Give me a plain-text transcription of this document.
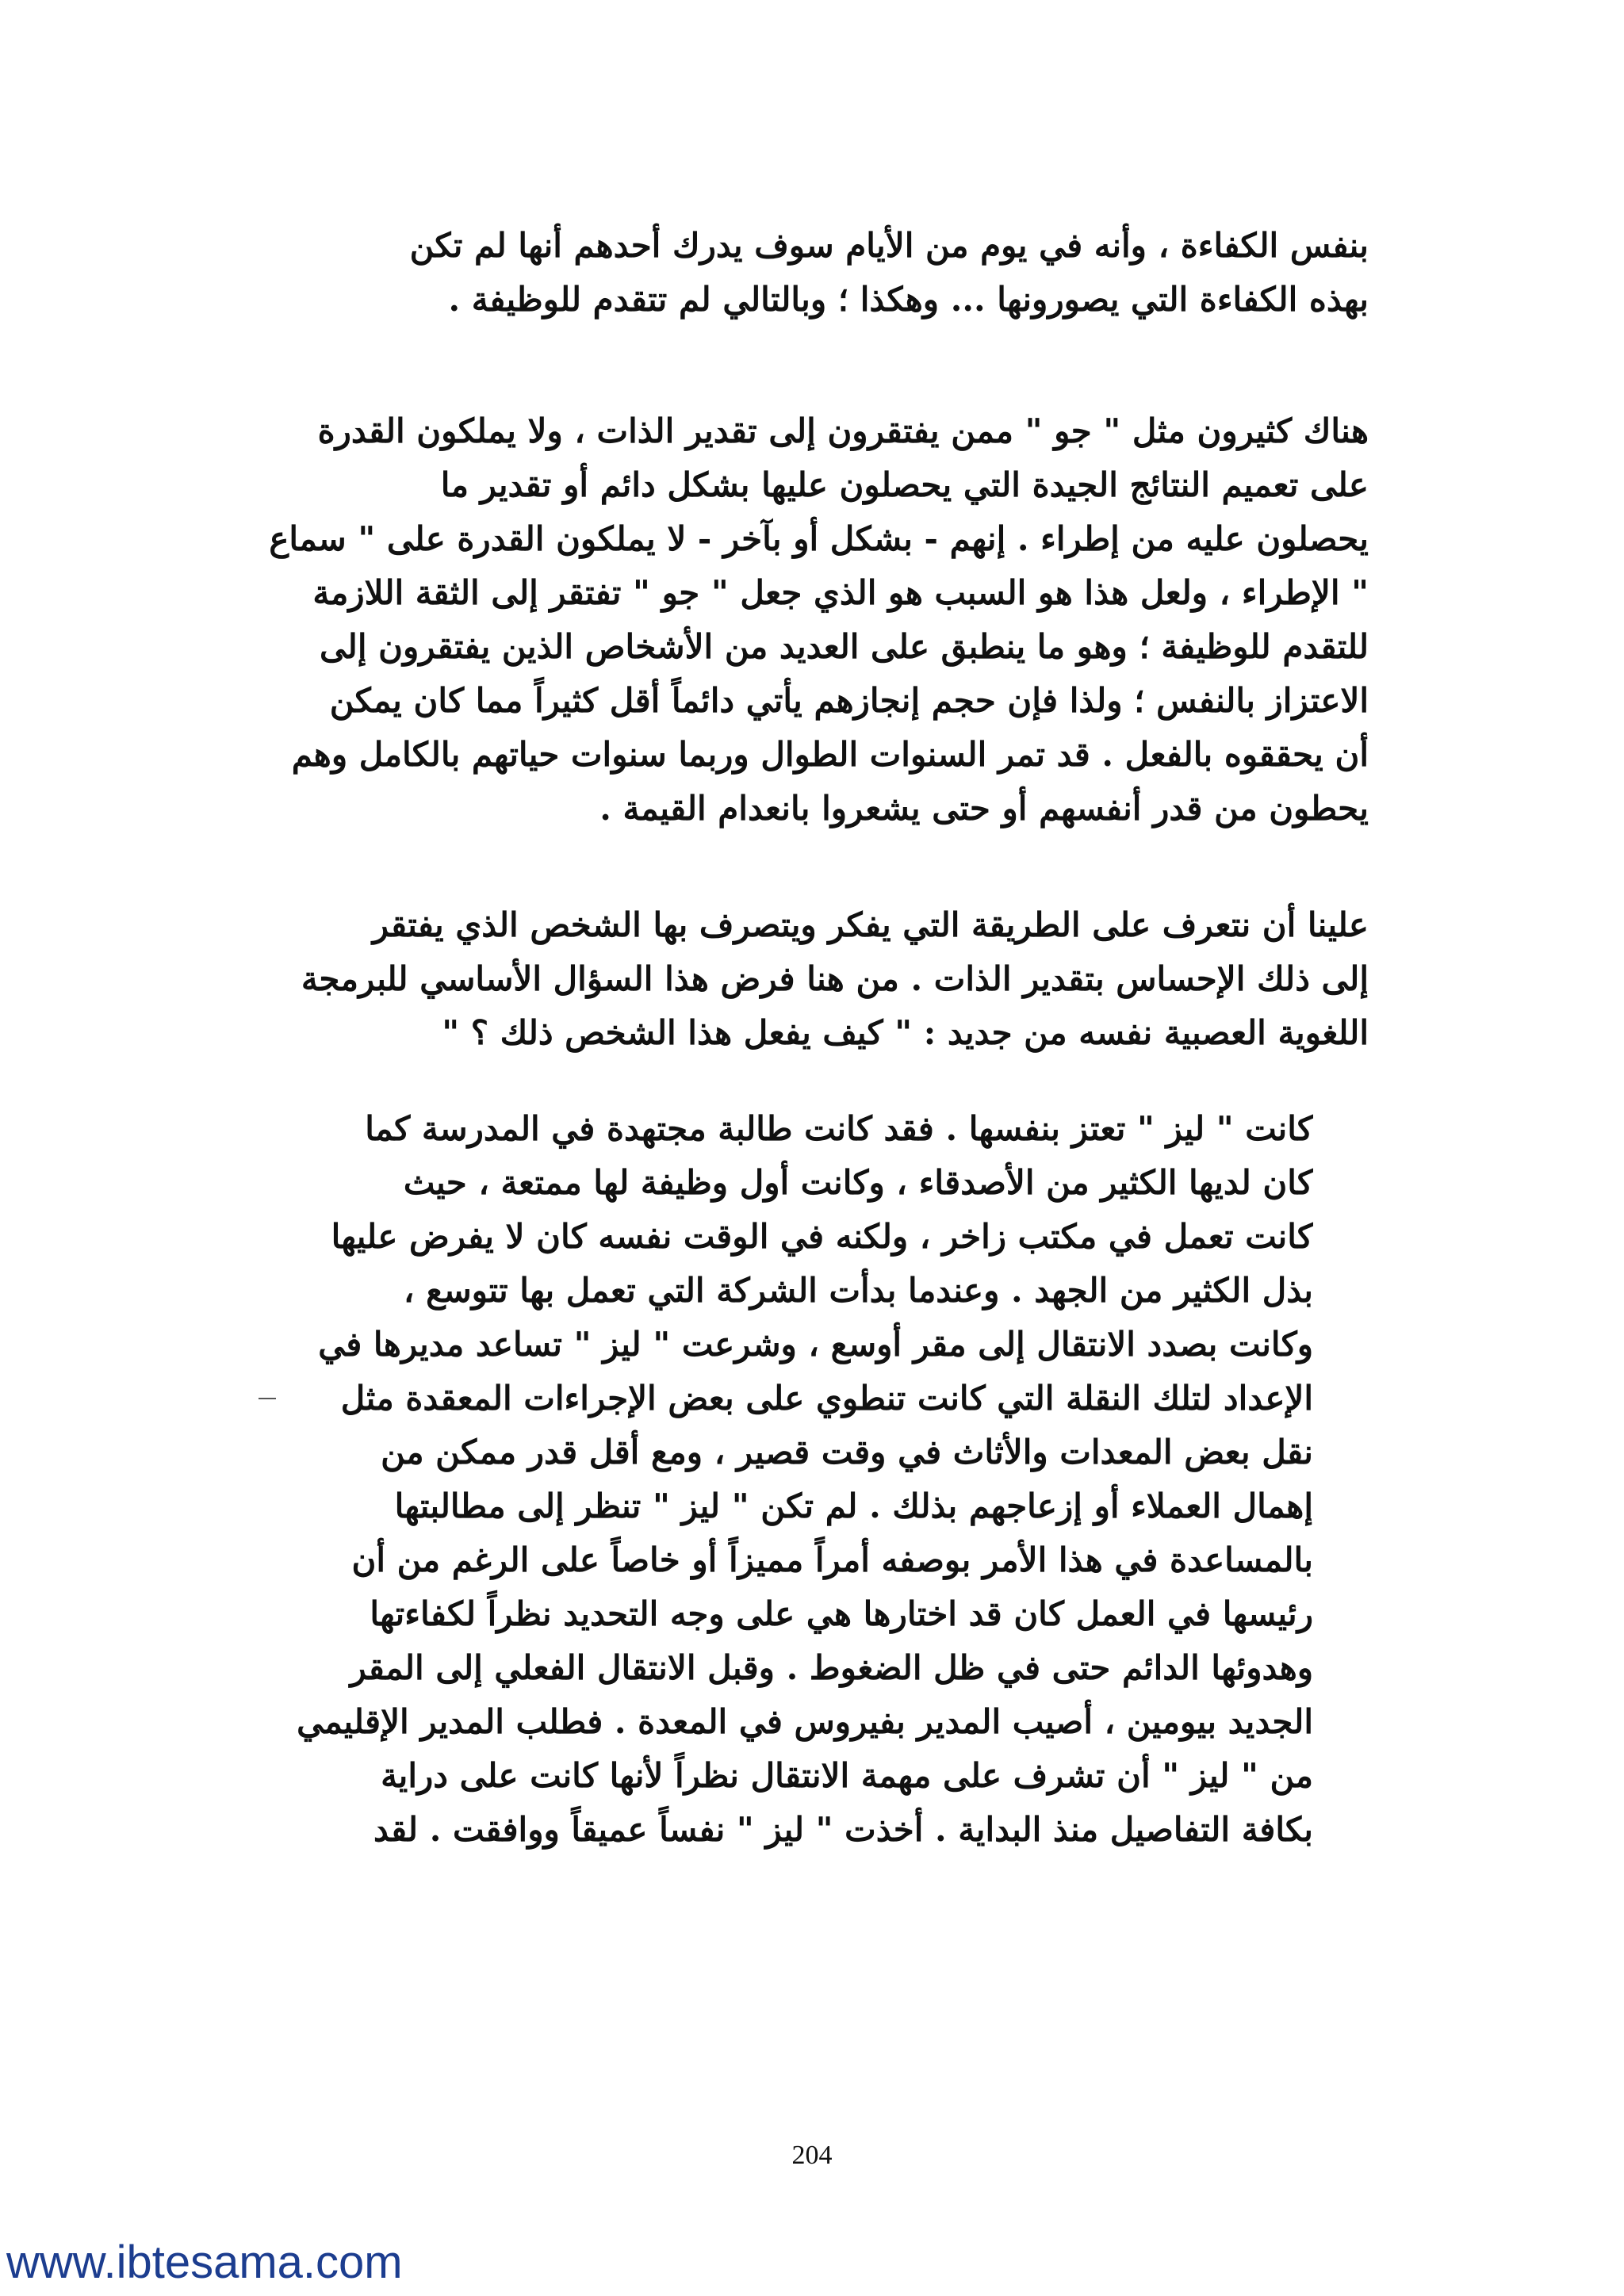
بنفس الكفاءة ، وأنه في يوم من الأيام سوف يدرك أحدهم أنها لم تكن
بهذه الكفاءة التي يصورونها ... وهكذا ؛ وبالتالي لم تتقدم للوظيفة .
هناك كثيرون مثل " جو " ممن يفتقرون إلى تقدير الذات ، ولا يملكون القدرة
على تعميم النتائج الجيدة التي يحصلون عليها بشكل دائم أو تقدير ما
يحصلون عليه من إطراء . إنهم - بشكل أو بآخر - لا يملكون القدرة على " سماع
" الإطراء ، ولعل هذا هو السبب هو الذي جعل " جو " تفتقر إلى الثقة اللازمة
للتقدم للوظيفة ؛ وهو ما ينطبق على العديد من الأشخاص الذين يفتقرون إلى
الاعتزاز بالنفس ؛ ولذا فإن حجم إنجازهم يأتي دائماً أقل كثيراً مما كان يمكن
أن يحققوه بالفعل . قد تمر السنوات الطوال وربما سنوات حياتهم بالكامل وهم
يحطون من قدر أنفسهم أو حتى يشعروا بانعدام القيمة .
علينا أن نتعرف على الطريقة التي يفكر ويتصرف بها الشخص الذي يفتقر
إلى ذلك الإحساس بتقدير الذات . من هنا فرض هذا السؤال الأساسي للبرمجة
اللغوية العصبية نفسه من جديد : " كيف يفعل هذا الشخص ذلك ؟ "
كانت " ليز " تعتز بنفسها . فقد كانت طالبة مجتهدة في المدرسة كما
كان لديها الكثير من الأصدقاء ، وكانت أول وظيفة لها ممتعة ، حيث
كانت تعمل في مكتب زاخر ، ولكنه في الوقت نفسه كان لا يفرض عليها
بذل الكثير من الجهد . وعندما بدأت الشركة التي تعمل بها تتوسع ،
وكانت بصدد الانتقال إلى مقر أوسع ، وشرعت " ليز " تساعد مديرها في
الإعداد لتلك النقلة التي كانت تنطوي على بعض الإجراءات المعقدة مثل
نقل بعض المعدات والأثاث في وقت قصير ، ومع أقل قدر ممكن من
إهمال العملاء أو إزعاجهم بذلك . لم تكن " ليز " تنظر إلى مطالبتها
بالمساعدة في هذا الأمر بوصفه أمراً مميزاً أو خاصاً على الرغم من أن
رئيسها في العمل كان قد اختارها هي على وجه التحديد نظراً لكفاءتها
وهدوئها الدائم حتى في ظل الضغوط . وقبل الانتقال الفعلي إلى المقر
الجديد بيومين ، أصيب المدير بفيروس في المعدة . فطلب المدير الإقليمي
من " ليز " أن تشرف على مهمة الانتقال نظراً لأنها كانت على دراية
بكافة التفاصيل منذ البداية . أخذت " ليز " نفساً عميقاً ووافقت . لقد
204
www.ibtesama.com
